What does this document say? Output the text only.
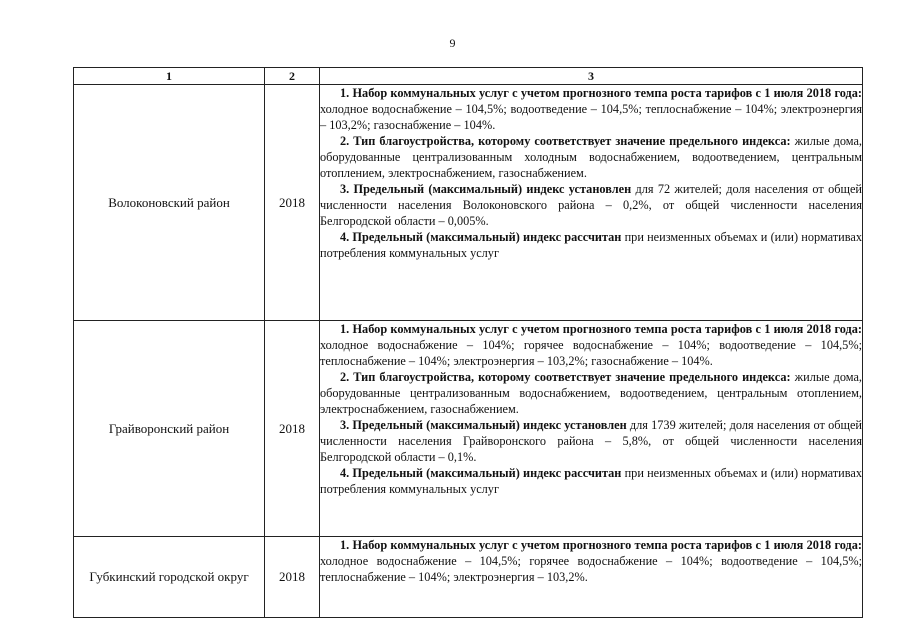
9
1	2	3
Волоконовский район	2018	1. Набор коммунальных услуг с учетом прогнозного темпа роста тарифов с 1 июля 2018 года: холодное водоснабжение – 104,5%; водоотведение – 104,5%; теплоснабжение – 104%; электроэнергия – 103,2%; газоснабжение – 104%.

2. Тип благоустройства, которому соответствует значение предельного индекса: жилые дома, оборудованные централизованным холодным водоснабжением, водоотведением, центральным отоплением, электроснабжением, газоснабжением.

3. Предельный (максимальный) индекс установлен для 72 жителей; доля населения от общей численности населения Волоконовского района – 0,2%, от общей численности населения Белгородской области – 0,005%.

4. Предельный (максимальный) индекс рассчитан при неизменных объемах и (или) нормативах потребления коммунальных услуг

Грайворонский район	2018	1. Набор коммунальных услуг с учетом прогнозного темпа роста тарифов с 1 июля 2018 года: холодное водоснабжение – 104%; горячее водоснабжение – 104%; водоотведение – 104,5%; теплоснабжение – 104%; электроэнергия – 103,2%; газоснабжение – 104%.

2. Тип благоустройства, которому соответствует значение предельного индекса: жилые дома, оборудованные централизованным водоснабжением, водоотведением, центральным отоплением, электроснабжением, газоснабжением.

3. Предельный (максимальный) индекс установлен для 1739 жителей; доля населения от общей численности населения Грайворонского района – 5,8%, от общей численности населения Белгородской области – 0,1%.

4. Предельный (максимальный) индекс рассчитан при неизменных объемах и (или) нормативах потребления коммунальных услуг

Губкинский городской округ	2018	1. Набор коммунальных услуг с учетом прогнозного темпа роста тарифов с 1 июля 2018 года: холодное водоснабжение – 104,5%; горячее водоснабжение – 104%; водоотведение – 104,5%; теплоснабжение – 104%; электроэнергия – 103,2%.
